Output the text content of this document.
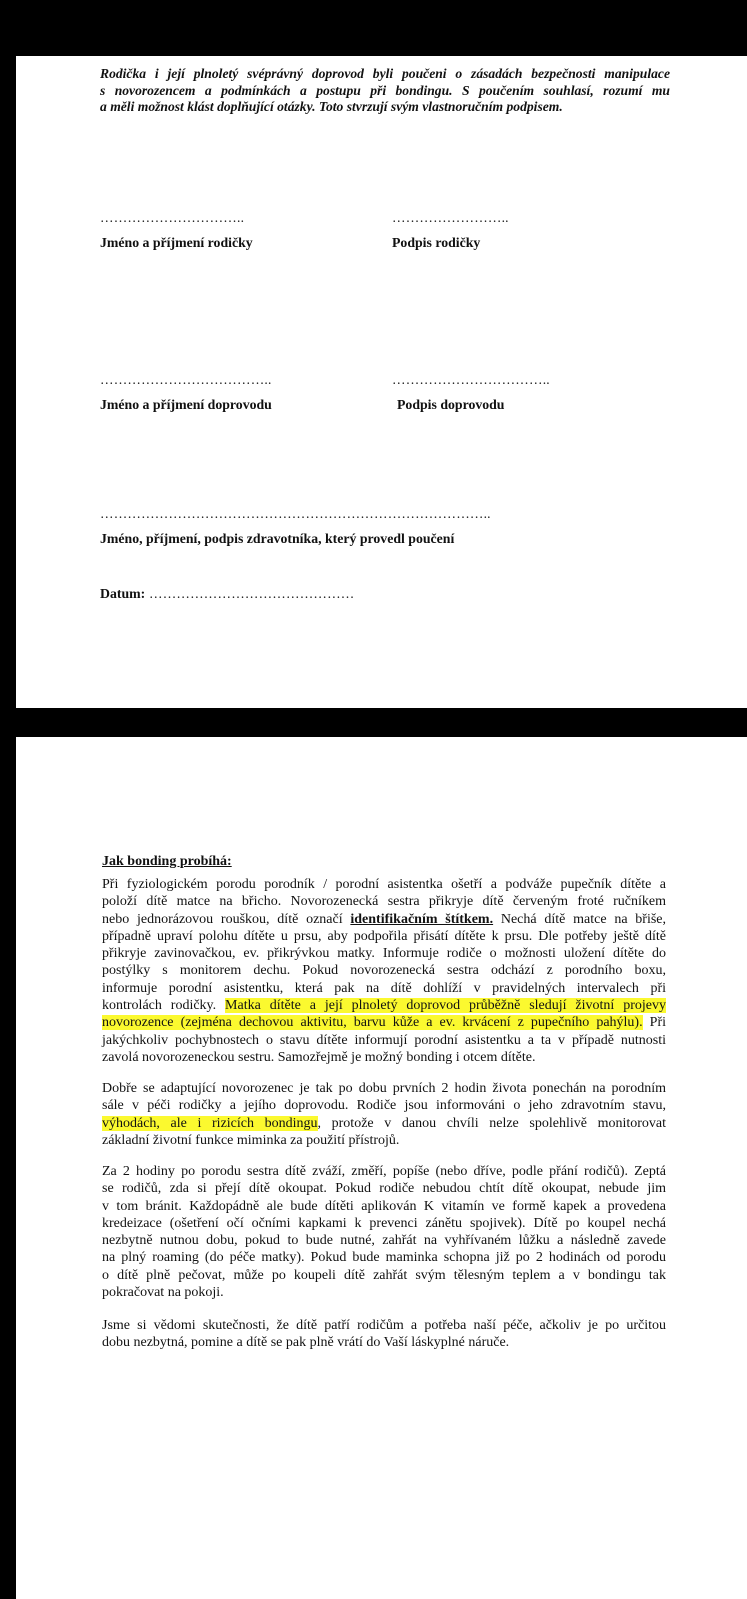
Rodička i její plnoletý svéprávný doprovod byli poučeni o zásadách bezpečnosti manipulace
s novorozencem a podmínkách a postupu při bondingu. S poučením souhlasí, rozumí mu
a měli možnost klást doplňující otázky. Toto stvrzují svým vlastnoručním podpisem.
…………………………..	……………………..
Jméno a příjmení rodičky	Podpis rodičky
………………………………..	……………………………..
Jméno a příjmení doprovodu	Podpis doprovodu
…………………………………………………………………………..
Jméno, příjmení, podpis zdravotníka, který provedl poučení
Datum: ………………………………………
Jak bonding probíhá:
Při fyziologickém porodu porodník / porodní asistentka ošetří a podváže pupečník dítěte a
položí dítě matce na břicho. Novorozenecká sestra přikryje dítě červeným froté ručníkem
nebo jednorázovou rouškou, dítě označí identifikačním štítkem. Nechá dítě matce na břiše,
případně upraví polohu dítěte u prsu, aby podpořila přisátí dítěte k prsu. Dle potřeby ještě dítě
přikryje zavinovačkou, ev. přikrývkou matky. Informuje rodiče o možnosti uložení dítěte do
postýlky s monitorem dechu. Pokud novorozenecká sestra odchází z porodního boxu,
informuje porodní asistentku, která pak na dítě dohlíží v pravidelných intervalech při
kontrolách rodičky. Matka dítěte a její plnoletý doprovod průběžně sledují životní projevy
novorozence (zejména dechovou aktivitu, barvu kůže a ev. krvácení z pupečního pahýlu). Při
jakýchkoliv pochybnostech o stavu dítěte informují porodní asistentku a ta v případě nutnosti
zavolá novorozeneckou sestru. Samozřejmě je možný bonding i otcem dítěte.
Dobře se adaptující novorozenec je tak po dobu prvních 2 hodin života ponechán na porodním
sále v péči rodičky a jejího doprovodu. Rodiče jsou informováni o jeho zdravotním stavu,
výhodách, ale i rizicích bondingu, protože v danou chvíli nelze spolehlivě monitorovat
základní životní funkce miminka za použití přístrojů.
Za 2 hodiny po porodu sestra dítě zváží, změří, popíše (nebo dříve, podle přání rodičů). Zeptá
se rodičů, zda si přejí dítě okoupat. Pokud rodiče nebudou chtít dítě okoupat, nebude jim
v tom bránit. Každopádně ale bude dítěti aplikován K vitamín ve formě kapek a provedena
kredeizace (ošetření očí očními kapkami k prevenci zánětu spojivek). Dítě po koupel nechá
nezbytně nutnou dobu, pokud to bude nutné, zahřát na vyhřívaném lůžku a následně zavede
na plný roaming (do péče matky). Pokud bude maminka schopna již po 2 hodinách od porodu
o dítě plně pečovat, může po koupeli dítě zahřát svým tělesným teplem a v bondingu tak
pokračovat na pokoji.
Jsme si vědomi skutečnosti, že dítě patří rodičům a potřeba naší péče, ačkoliv je po určitou
dobu nezbytná, pomine a dítě se pak plně vrátí do Vaší láskyplné náruče.
